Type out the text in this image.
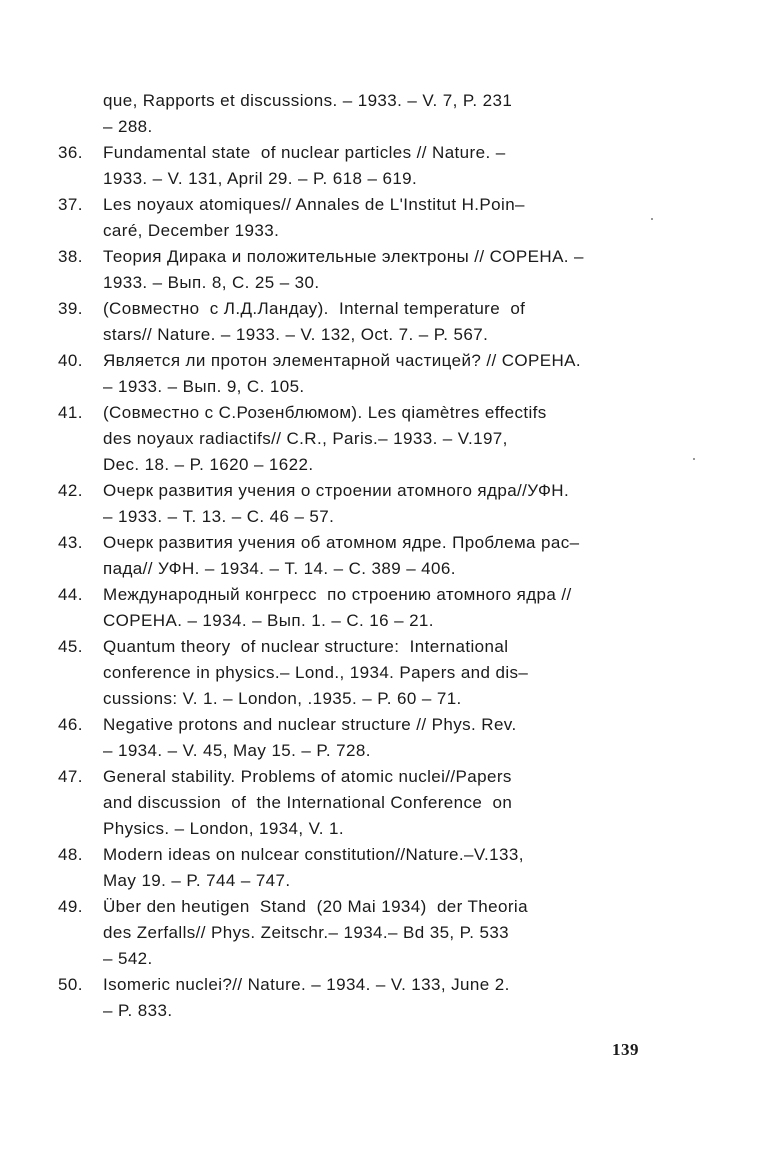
que, Rapports et discussions. – 1933. – V. 7, P. 231
– 288.
36.	Fundamental state  of nuclear particles // Nature. –
1933. – V. 131, April 29. – P. 618 – 619.
37.	Les noyaux atomiques// Annales de L'Institut H.Poin–
caré, December 1933.
38.	Теория Дирака и положительные электроны // COPEHA. –
1933. – Вып. 8, С. 25 – 30.
39.	(Совместно  с Л.Д.Ландау).  Internal temperature  of
stars// Nature. – 1933. – V. 132, Oct. 7. – P. 567.
40.	Является ли протон элементарной частицей? // COPEHA.
– 1933. – Вып. 9, С. 105.
41.	(Совместно с С.Розенблюмом). Les qiamètres effectifs
des noyaux radiactifs// C.R., Paris.– 1933. – V.197,
Dec. 18. – P. 1620 – 1622.
42.	Очерк развития учения о строении атомного ядра//УФН.
– 1933. – Т. 13. – С. 46 – 57.
43.	Очерк развития учения об атомном ядре. Проблема рас–
пада// УФН. – 1934. – Т. 14. – С. 389 – 406.
44.	Международный конгресс  по строению атомного ядра //
COPEHA. – 1934. – Вып. 1. – С. 16 – 21.
45.	Quantum theory  of nuclear structure:  International
conference in physics.– Lond., 1934. Papers and dis–
cussions: V. 1. – London, .1935. – P. 60 – 71.
46.	Negative protons and nuclear structure // Phys. Rev.
– 1934. – V. 45, May 15. – P. 728.
47.	General stability. Problems of atomic nuclei//Papers
and discussion  of  the International Conference  on
Physics. – London, 1934, V. 1.
48.	Modern ideas on nulcear constitution//Nature.–V.133,
May 19. – P. 744 – 747.
49.	Über den heutigen  Stand  (20 Mai 1934)  der Theoria
des Zerfalls// Phys. Zeitschr.– 1934.– Bd 35, P. 533
– 542.
50.	Isomeric nuclei?// Nature. – 1934. – V. 133, June 2.
– P. 833.
139
